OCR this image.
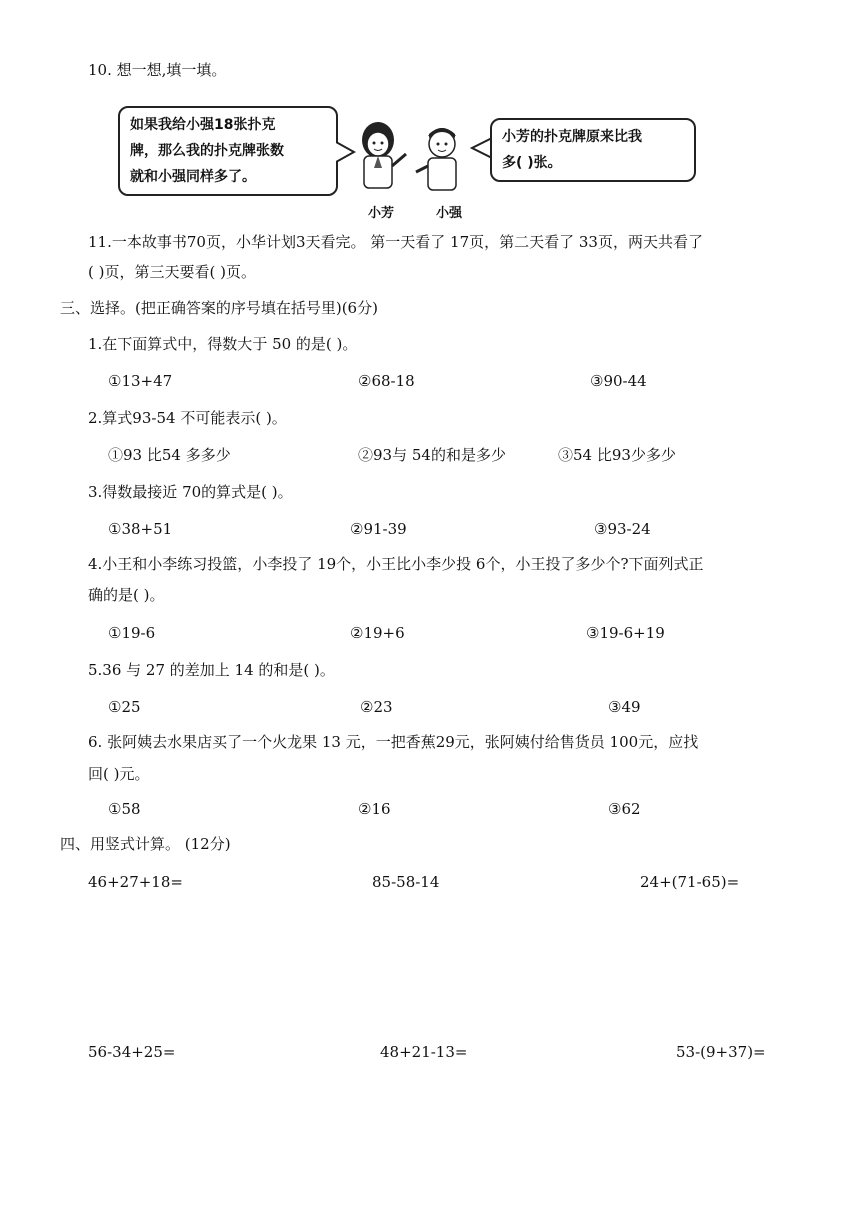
10. 想一想,填一填。
如果我给小强18张扑克
牌，那么我的扑克牌张数
就和小强同样多了。
小芳	小强
小芳的扑克牌原来比我
多( )张。
11.一本故事书70页，小华计划3天看完。 第一天看了 17页，第二天看了 33页，两天共看了
( )页，第三天要看( )页。
三、选择。(把正确答案的序号填在括号里)(6分)
1.在下面算式中，得数大于 50 的是( )。
①13+47	②68-18	③90-44
2.算式93-54 不可能表示( )。
①93 比54 多多少	②93与 54的和是多少	③54 比93少多少
3.得数最接近 70的算式是( )。
①38+51	②91-39	③93-24
4.小王和小李练习投篮，小李投了 19个，小王比小李少投 6个，小王投了多少个?下面列式正
确的是( )。
①19-6	②19+6	③19-6+19
5.36 与 27 的差加上 14 的和是( )。
①25	②23	③49
6. 张阿姨去水果店买了一个火龙果 13 元，一把香蕉29元，张阿姨付给售货员 100元，应找
回( )元。
①58	②16	③62
四、用竖式计算。 (12分)
46+27+18=	85-58-14	24+(71-65)=
56-34+25=	48+21-13=	53-(9+37)=
